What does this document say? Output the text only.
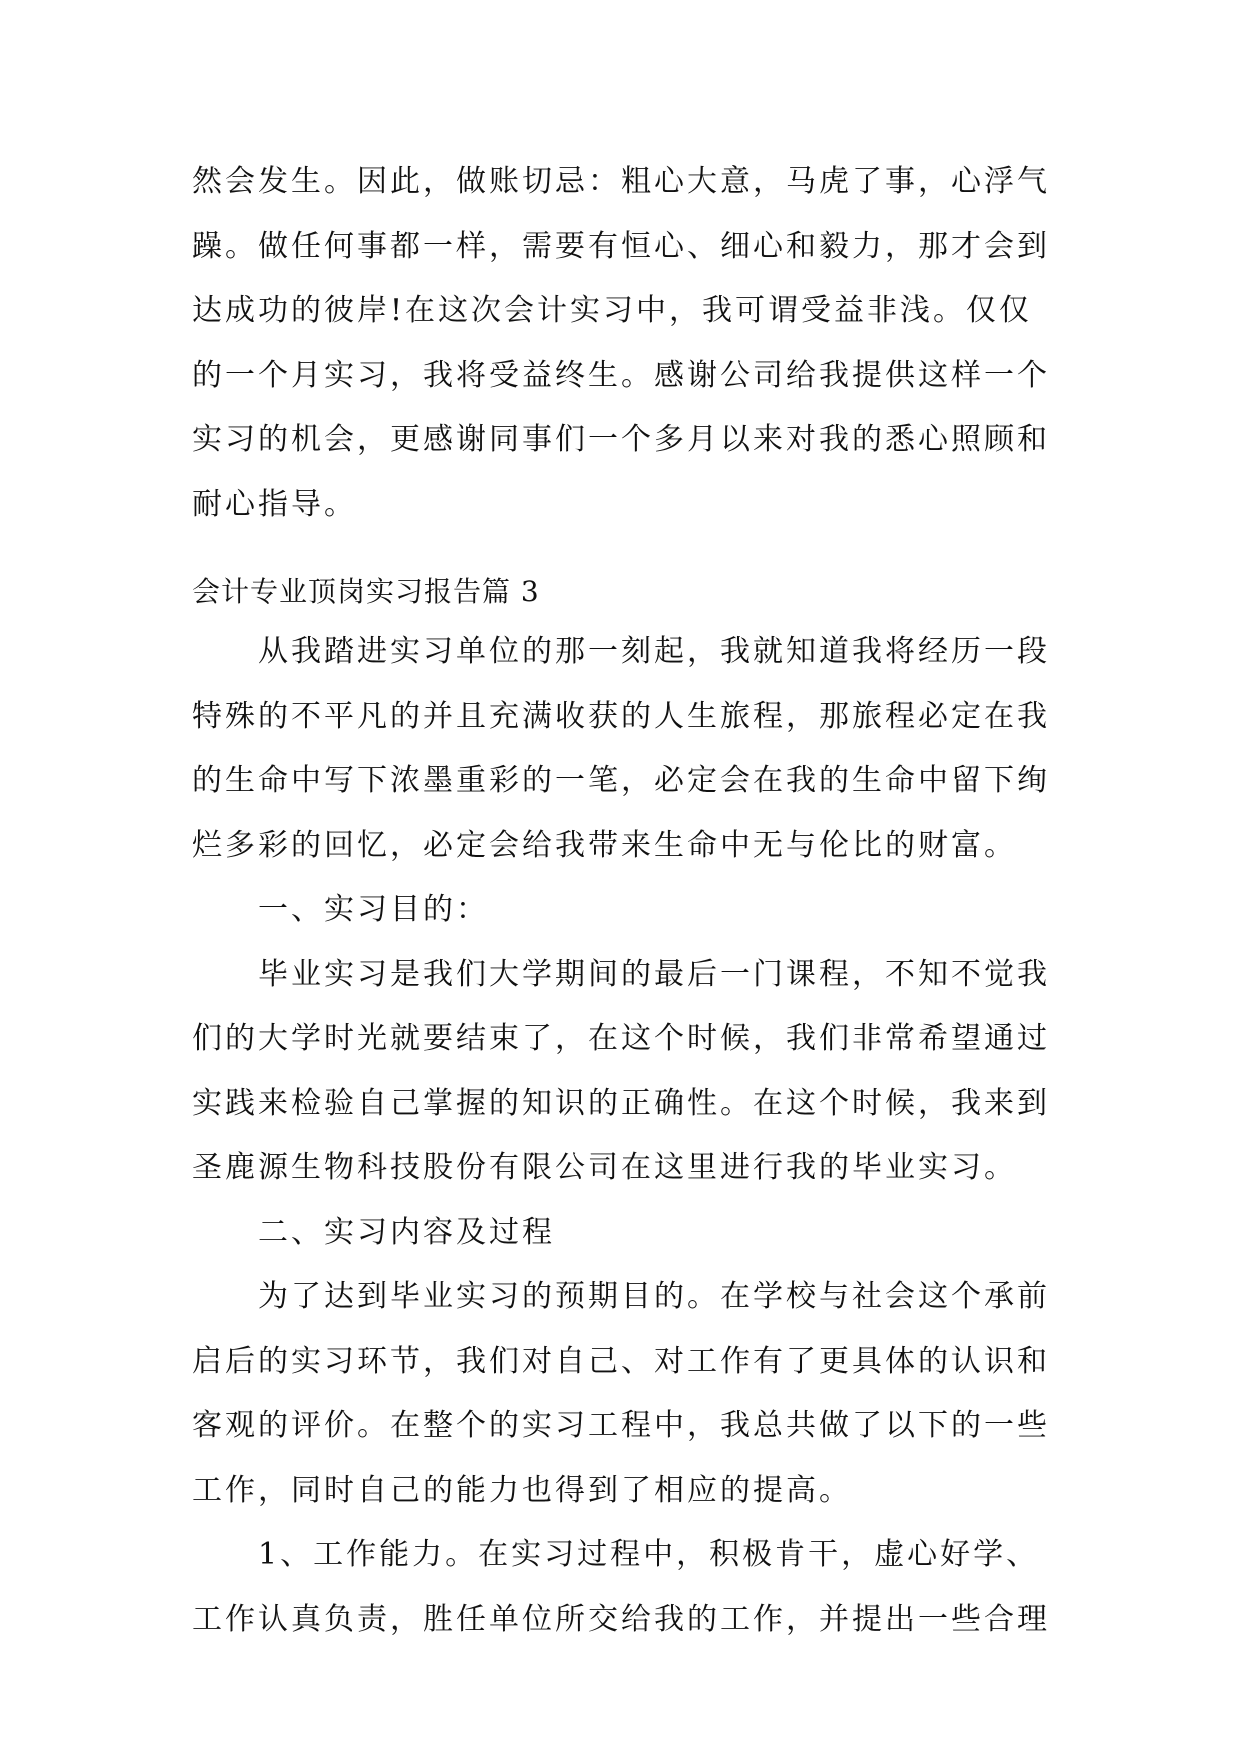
然会发生。因此，做账切忌：粗心大意，马虎了事，心浮气
躁。做任何事都一样，需要有恒心、细心和毅力，那才会到
达成功的彼岸!在这次会计实习中，我可谓受益非浅。仅仅
的一个月实习，我将受益终生。感谢公司给我提供这样一个
实习的机会，更感谢同事们一个多月以来对我的悉心照顾和
耐心指导。
会计专业顶岗实习报告篇 3
从我踏进实习单位的那一刻起，我就知道我将经历一段
特殊的不平凡的并且充满收获的人生旅程，那旅程必定在我
的生命中写下浓墨重彩的一笔，必定会在我的生命中留下绚
烂多彩的回忆，必定会给我带来生命中无与伦比的财富。
一、实习目的：
毕业实习是我们大学期间的最后一门课程，不知不觉我
们的大学时光就要结束了，在这个时候，我们非常希望通过
实践来检验自己掌握的知识的正确性。在这个时候，我来到
圣鹿源生物科技股份有限公司在这里进行我的毕业实习。
二、实习内容及过程
为了达到毕业实习的预期目的。在学校与社会这个承前
启后的实习环节，我们对自己、对工作有了更具体的认识和
客观的评价。在整个的实习工程中，我总共做了以下的一些
工作，同时自己的能力也得到了相应的提高。
1、工作能力。在实习过程中，积极肯干，虚心好学、
工作认真负责，胜任单位所交给我的工作，并提出一些合理
